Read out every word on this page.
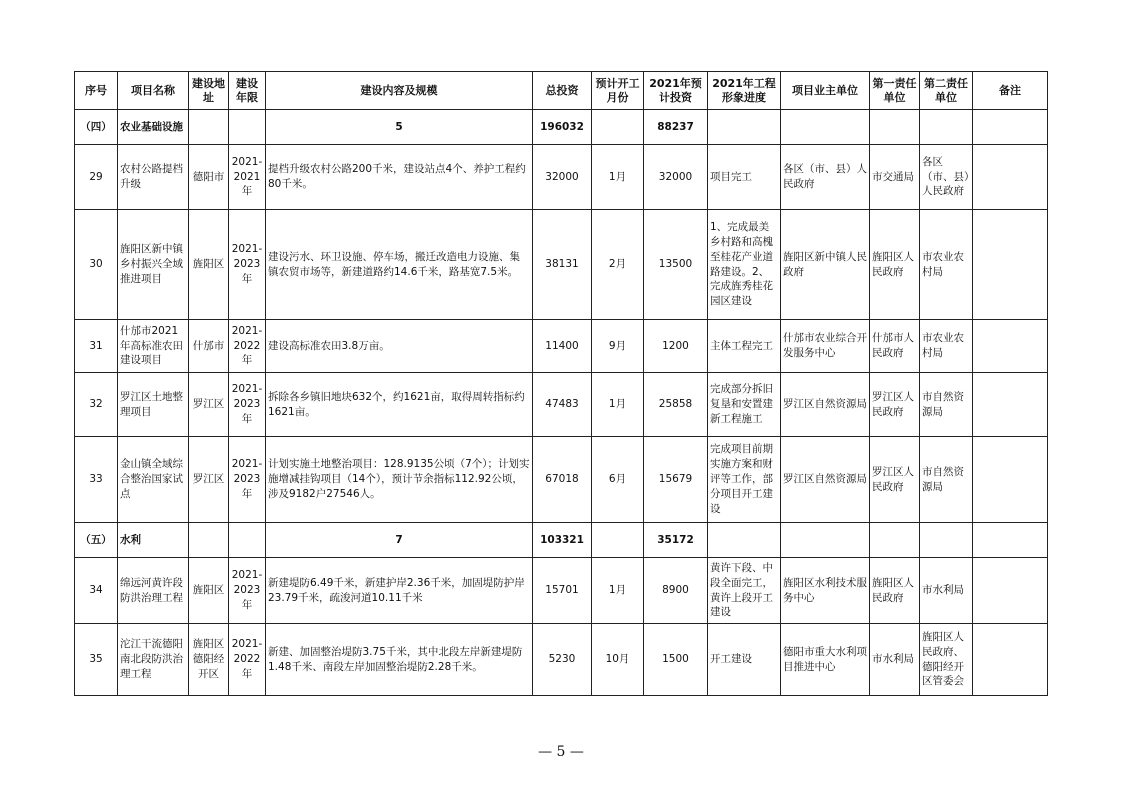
序号	项目名称	建设地址	建设年限	建设内容及规模	总投资	预计开工月份	2021年预计投资	2021年工程形象进度	项目业主单位	第一责任单位	第二责任单位	备注
（四）	农业基础设施			5	196032		88237					
29	农村公路提档升级	德阳市	2021-2021年	提档升级农村公路200千米，建设站点4个、养护工程约80千米。	32000	1月	32000	项目完工	各区（市、县）人民政府	市交通局	各区（市、县）人民政府	
30	旌阳区新中镇乡村振兴全域推进项目	旌阳区	2021-2023年	建设污水、环卫设施、停车场，搬迁改造电力设施、集镇农贸市场等，新建道路约14.6千米，路基宽7.5米。	38131	2月	13500	1、完成最美乡村路和高槐至桂花产业道路建设。2、完成旌秀桂花园区建设	旌阳区新中镇人民政府	旌阳区人民政府	市农业农村局	
31	什邡市2021年高标准农田建设项目	什邡市	2021-2022年	建设高标准农田3.8万亩。	11400	9月	1200	主体工程完工	什邡市农业综合开发服务中心	什邡市人民政府	市农业农村局	
32	罗江区土地整理项目	罗江区	2021-2023年	拆除各乡镇旧地块632个，约1621亩，取得周转指标约1621亩。	47483	1月	25858	完成部分拆旧复垦和安置建新工程施工	罗江区自然资源局	罗江区人民政府	市自然资源局	
33	金山镇全域综合整治国家试点	罗江区	2021-2023年	计划实施土地整治项目：128.9135公顷（7个）；计划实施增减挂钩项目（14个），预计节余指标112.92公顷，涉及9182户27546人。	67018	6月	15679	完成项目前期实施方案和财评等工作，部分项目开工建设	罗江区自然资源局	罗江区人民政府	市自然资源局	
（五）	水利			7	103321		35172					
34	绵远河黄许段防洪治理工程	旌阳区	2021-2023年	新建堤防6.49千米，新建护岸2.36千米，加固堤防护岸23.79千米，疏浚河道10.11千米	15701	1月	8900	黄许下段、中段全面完工，黄许上段开工建设	旌阳区水利技术服务中心	旌阳区人民政府	市水利局	
35	沱江干流德阳南北段防洪治理工程	旌阳区德阳经开区	2021-2022年	新建、加固整治堤防3.75千米，其中北段左岸新建堤防1.48千米、南段左岸加固整治堤防2.28千米。	5230	10月	1500	开工建设	德阳市重大水利项目推进中心	市水利局	旌阳区人民政府、德阳经开区管委会	
— 5 —
